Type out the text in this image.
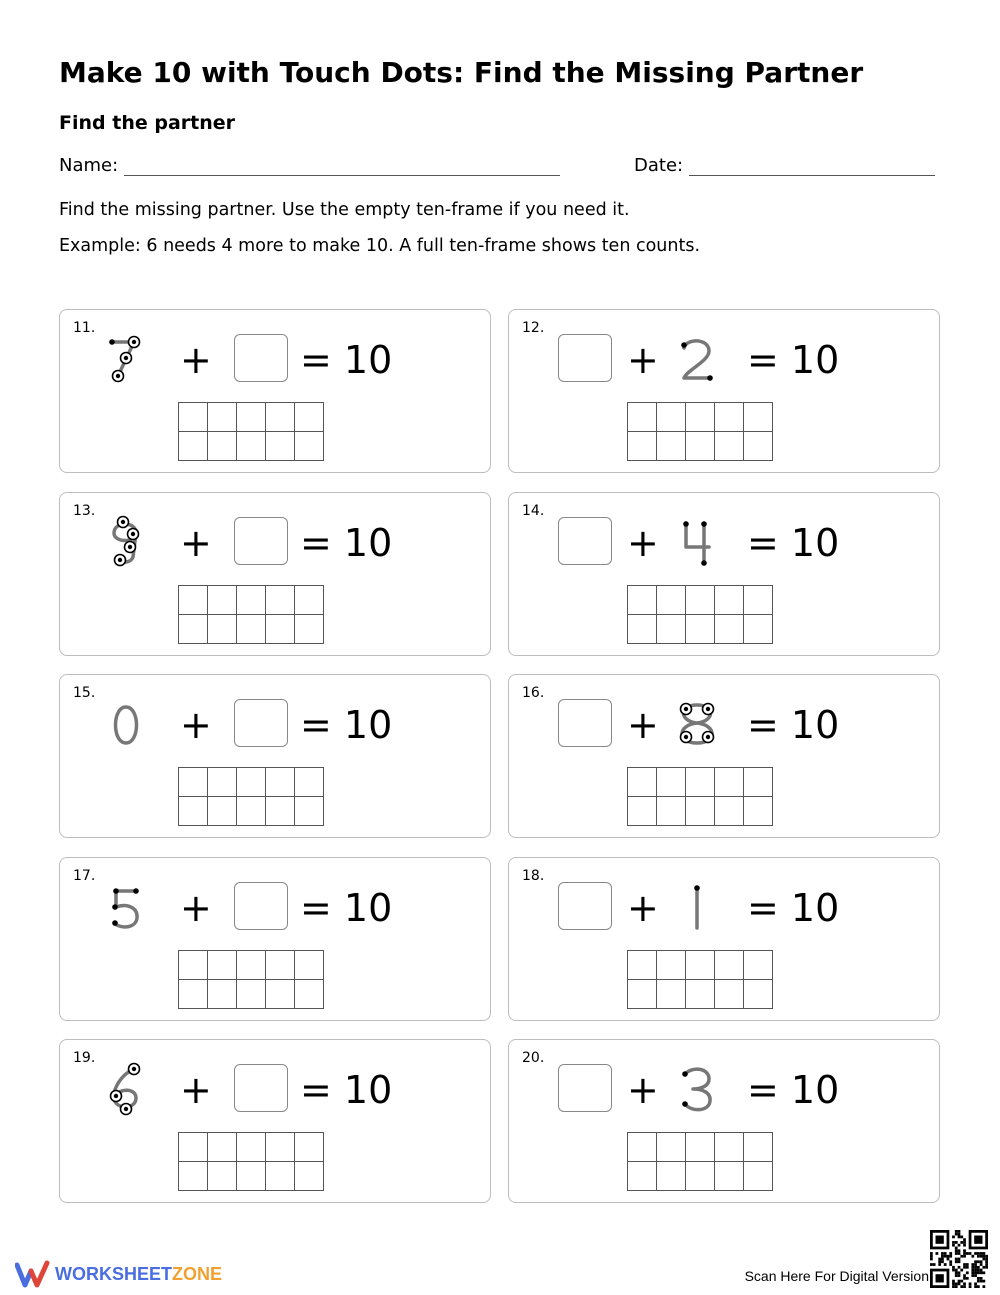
Make 10 with Touch Dots: Find the Missing Partner
Find the partner
Name:	Date:
Find the missing partner. Use the empty ten-frame if you need it.
Example: 6 needs 4 more to make 10. A full ten-frame shows ten counts.
11.
+ = 10

12.
+ = 10

13.
+ = 10

14.
+ = 10

15.
+ = 10

16.
+ = 10

17.
+ = 10

18.
+ = 10

19.
+ = 10

20.
+ = 10

WORKSHEET ZONE	Scan Here For Digital Version
